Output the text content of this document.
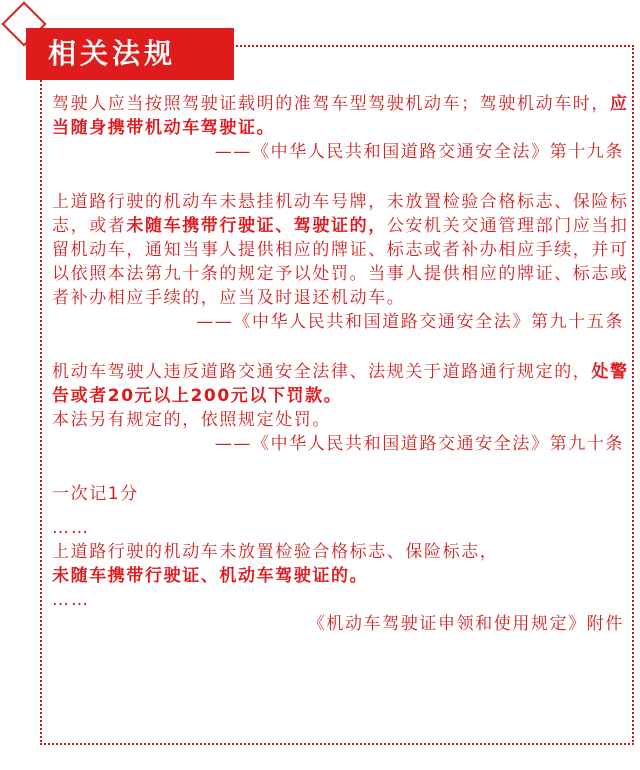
相关法规
驾驶人应当按照驾驶证载明的准驾车型驾驶机动车；驾驶机动车时，应当随身携带机动车驾驶证。
——《中华人民共和国道路交通安全法》第十九条
上道路行驶的机动车未悬挂机动车号牌，未放置检验合格标志、保险标志，或者未随车携带行驶证、驾驶证的，公安机关交通管理部门应当扣留机动车，通知当事人提供相应的牌证、标志或者补办相应手续，并可以依照本法第九十条的规定予以处罚。当事人提供相应的牌证、标志或者补办相应手续的，应当及时退还机动车。
——《中华人民共和国道路交通安全法》第九十五条
机动车驾驶人违反道路交通安全法律、法规关于道路通行规定的，处警告或者20元以上200元以下罚款。
本法另有规定的，依照规定处罚。
——《中华人民共和国道路交通安全法》第九十条
一次记1分
……
上道路行驶的机动车未放置检验合格标志、保险标志，
未随车携带行驶证、机动车驾驶证的。
……
《机动车驾驶证申领和使用规定》附件
